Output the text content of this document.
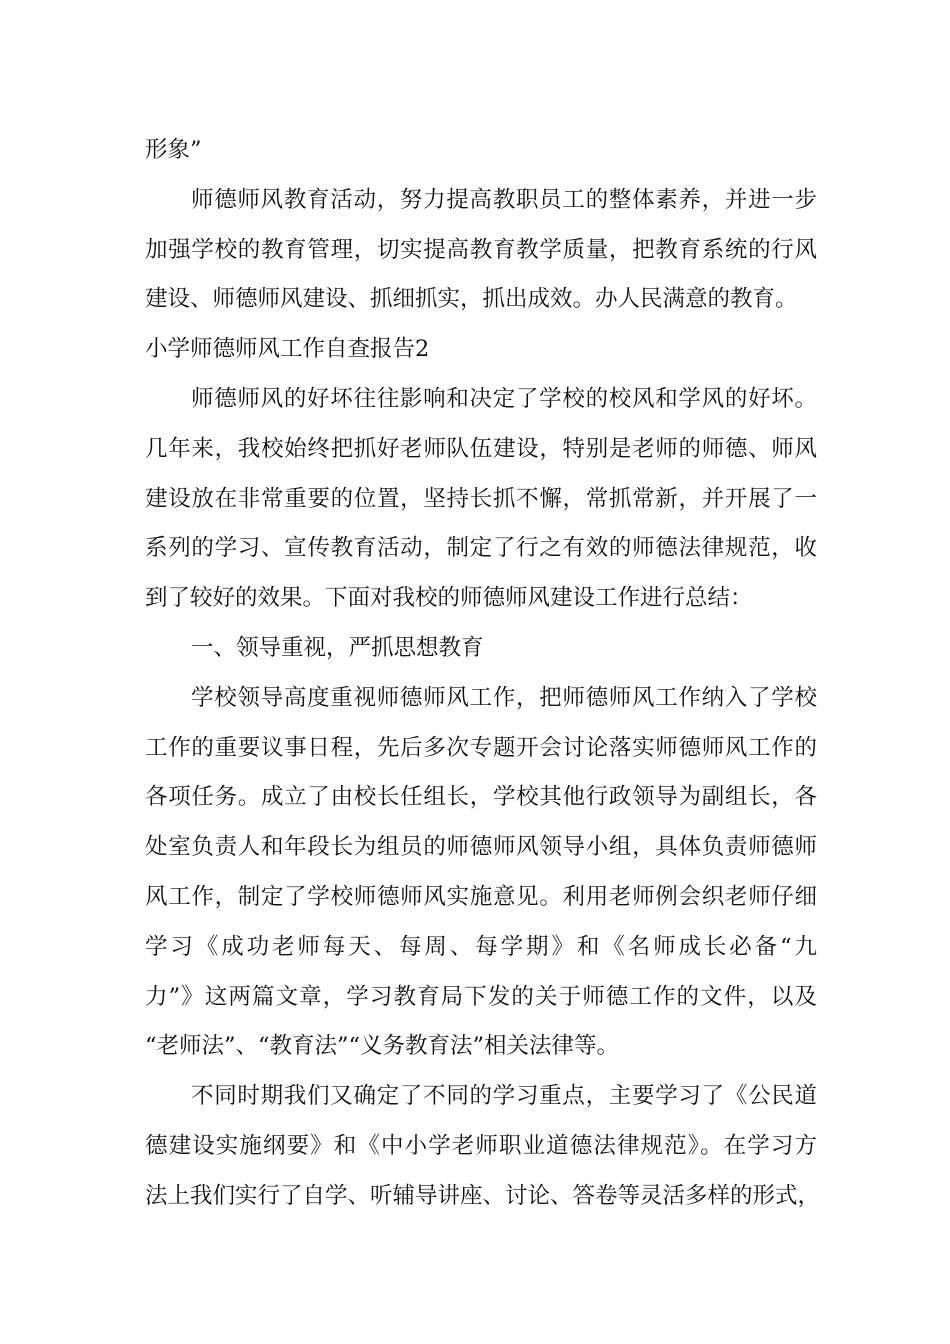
形象”
师德师风教育活动，努力提高教职员工的整体素养，并进一步
加强学校的教育管理，切实提高教育教学质量，把教育系统的行风
建设、师德师风建设、抓细抓实，抓出成效。办人民满意的教育。
小学师德师风工作自查报告2
师德师风的好坏往往影响和决定了学校的校风和学风的好坏。
几年来，我校始终把抓好老师队伍建设，特别是老师的师德、师风
建设放在非常重要的位置，坚持长抓不懈，常抓常新，并开展了一
系列的学习、宣传教育活动，制定了行之有效的师德法律规范，收
到了较好的效果。下面对我校的师德师风建设工作进行总结：
一、领导重视，严抓思想教育
学校领导高度重视师德师风工作，把师德师风工作纳入了学校
工作的重要议事日程，先后多次专题开会讨论落实师德师风工作的
各项任务。成立了由校长任组长，学校其他行政领导为副组长，各
处室负责人和年段长为组员的师德师风领导小组，具体负责师德师
风工作，制定了学校师德师风实施意见。利用老师例会织老师仔细
学习《成功老师每天、每周、每学期》和《名师成长必备“九
力”》这两篇文章，学习教育局下发的关于师德工作的文件，以及
“老师法”、“教育法”“义务教育法”相关法律等。
不同时期我们又确定了不同的学习重点，主要学习了《公民道
德建设实施纲要》和《中小学老师职业道德法律规范》。在学习方
法上我们实行了自学、听辅导讲座、讨论、答卷等灵活多样的形式，
